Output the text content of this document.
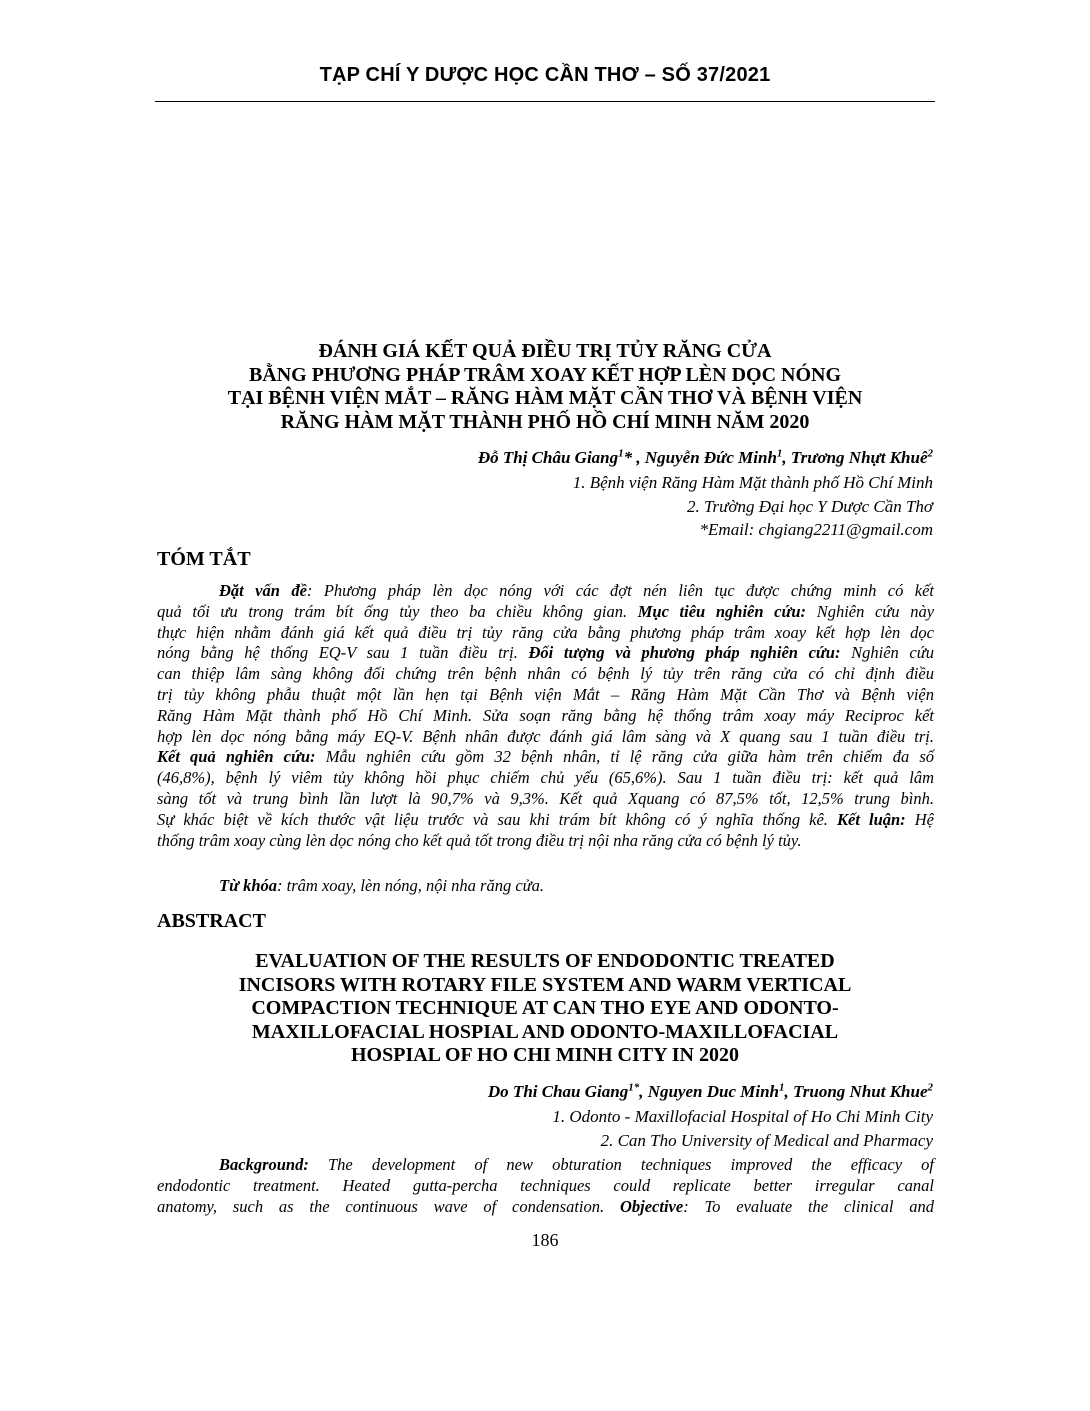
TẠP CHÍ Y DƯỢC HỌC CẦN THƠ – SỐ 37/2021
ĐÁNH GIÁ KẾT QUẢ ĐIỀU TRỊ TỦY RĂNG CỬA
BẰNG PHƯƠNG PHÁP TRÂM XOAY KẾT HỢP LÈN DỌC NÓNG
TẠI BỆNH VIỆN MẮT – RĂNG HÀM MẶT CẦN THƠ VÀ BỆNH VIỆN
RĂNG HÀM MẶT THÀNH PHỐ HỒ CHÍ MINH NĂM 2020
Đỗ Thị Châu Giang$^1$* , Nguyễn Đức Minh$^1$, Trương Nhựt Khuê$^2$
1. Bệnh viện Răng Hàm Mặt thành phố Hồ Chí Minh
2. Trường Đại học Y Dược Cần Thơ
*Email: chgiang2211@gmail.com
TÓM TẮT
Đặt vấn đề: Phương pháp lèn dọc nóng với các đợt nén liên tục được chứng minh có kết
quả tối ưu trong trám bít ống tủy theo ba chiều không gian. Mục tiêu nghiên cứu: Nghiên cứu này
thực hiện nhằm đánh giá kết quả điều trị tủy răng cửa bằng phương pháp trâm xoay kết hợp lèn dọc
nóng bằng hệ thống EQ-V sau 1 tuần điều trị. Đối tượng và phương pháp nghiên cứu: Nghiên cứu
can thiệp lâm sàng không đối chứng trên bệnh nhân có bệnh lý tủy trên răng cửa có chỉ định điều
trị tủy không phẫu thuật một lần hẹn tại Bệnh viện Mắt – Răng Hàm Mặt Cần Thơ và Bệnh viện
Răng Hàm Mặt thành phố Hồ Chí Minh. Sửa soạn răng bằng hệ thống trâm xoay máy Reciproc kết
hợp lèn dọc nóng bằng máy EQ-V. Bệnh nhân được đánh giá lâm sàng và X quang sau 1 tuần điều trị.
Kết quả nghiên cứu: Mẫu nghiên cứu gồm 32 bệnh nhân, tỉ lệ răng cửa giữa hàm trên chiếm đa số
(46,8%), bệnh lý viêm tủy không hồi phục chiếm chủ yếu (65,6%). Sau 1 tuần điều trị: kết quả lâm
sàng tốt và trung bình lần lượt là 90,7% và 9,3%. Kết quả Xquang có 87,5% tốt, 12,5% trung bình.
Sự khác biệt về kích thước vật liệu trước và sau khi trám bít không có ý nghĩa thống kê. Kết luận: Hệ
thống trâm xoay cùng lèn dọc nóng cho kết quả tốt trong điều trị nội nha răng cửa có bệnh lý tủy.
Từ khóa: trâm xoay, lèn nóng, nội nha răng cửa.
ABSTRACT
EVALUATION OF THE RESULTS OF ENDODONTIC TREATED
INCISORS WITH ROTARY FILE SYSTEM AND WARM VERTICAL
COMPACTION TECHNIQUE AT CAN THO EYE AND ODONTO-
MAXILLOFACIAL HOSPIAL AND ODONTO-MAXILLOFACIAL
HOSPIAL OF HO CHI MINH CITY IN 2020
Do Thi Chau Giang$^{1*}$, Nguyen Duc Minh$^1$, Truong Nhut Khue$^2$
1. Odonto - Maxillofacial Hospital of Ho Chi Minh City
2. Can Tho University of Medical and Pharmacy
Background: The development of new obturation techniques improved the efficacy of
endodontic treatment. Heated gutta-percha techniques could replicate better irregular canal
anatomy, such as the continuous wave of condensation. Objective: To evaluate the clinical and
186
